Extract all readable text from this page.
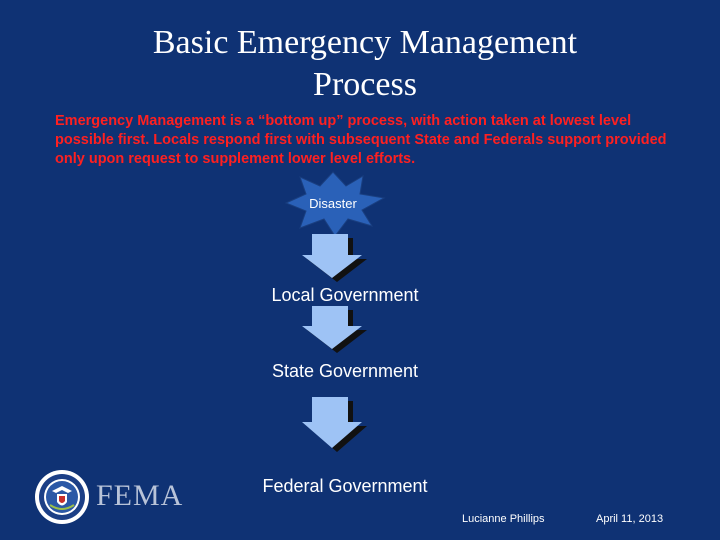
Basic Emergency Management Process
Emergency Management is a “bottom up” process, with action taken at lowest level possible first. Locals respond first with subsequent State and Federals support provided only upon request to supplement lower level efforts.
Disaster
Local Government
State Government
Federal Government
FEMA
Lucianne Phillips	April 11, 2013
